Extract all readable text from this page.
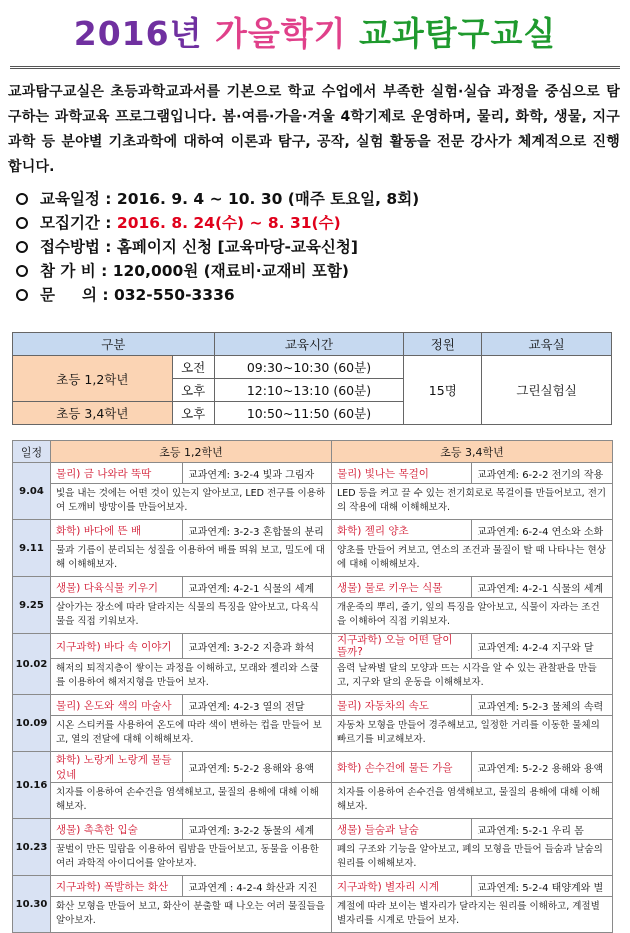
2016년 가을학기 교과탐구교실

교과탐구교실은 초등과학교과서를 기본으로 학교 수업에서 부족한 실험·실습 과정을 중심으로 탐구하는 과학교육 프로그램입니다. 봄·여름·가을·겨울 4학기제로 운영하며, 물리, 화학, 생물, 지구과학 등 분야별 기초과학에 대하여 이론과 탐구, 공작, 실험 활동을 전문 강사가 체계적으로 진행합니다.

교육일정 : 2016. 9. 4 ~ 10. 30 (매주 토요일, 8회)
모집기간 : 2016. 8. 24(수) ~ 8. 31(수)
접수방법 : 홈페이지 신청 [교육마당-교육신청]
참 가 비 : 120,000원 (재료비·교재비 포함)
문     의 : 032-550-3336
구분		교육시간	정원	교육실
초등 1,2학년	오전	09:30~10:30 (60분)	15명	그린실험실
	오후	12:10~13:10 (60분)		
초등 3,4학년	오후	10:50~11:50 (60분)		
일정	초등 1,2학년		초등 3,4학년	
9.04	물리) 금 나와라 뚝딱	교과연계: 3-2-4 빛과 그림자	물리) 빛나는 목걸이	교과연계: 6-2-2 전기의 작용
	빛을 내는 것에는 어떤 것이 있는지 알아보고, LED 전구를 이용하여 도깨비 방망이를 만들어보자.		LED 등을 켜고 끌 수 있는 전기회로로 목걸이를 만들어보고, 전기의 작용에 대해 이해해보자.	
9.11	화학) 바다에 뜬 배	교과연계: 3-2-3 혼합물의 분리	화학) 젤리 양초	교과연계: 6-2-4 연소와 소화
	물과 기름이 분리되는 성질을 이용하여 배를 띄워 보고, 밀도에 대해 이해해보자.		양초를 만들어 켜보고, 연소의 조건과 물질이 탈 때 나타나는 현상에 대해 이해해보자.	
9.25	생물) 다육식물 키우기	교과연계: 4-2-1 식물의 세계	생물) 물로 키우는 식물	교과연계: 4-2-1 식물의 세계
	살아가는 장소에 따라 달라지는 식물의 특징을 알아보고, 다육식물을 직접 키워보자.		개운죽의 뿌리, 줄기, 잎의 특징을 알아보고, 식물이 자라는 조건을 이해하여 직접 키워보자.	
10.02	지구과학) 바다 속 이야기	교과연계: 3-2-2 지층과 화석	지구과학) 오늘 어떤 달이 뜰까?	교과연계: 4-2-4 지구와 달
	해저의 퇴적지층이 쌓이는 과정을 이해하고, 모래와 젤리와 스쿨를 이용하여 해저지형을 만들어 보자.		음력 날짜별 달의 모양과 뜨는 시각을 알 수 있는 관찰판을 만들고, 지구와 달의 운동을 이해해보자.	
10.09	물리) 온도와 색의 마술사	교과연계: 4-2-3 열의 전달	물리) 자동차의 속도	교과연계: 5-2-3 물체의 속력
	시온 스티커를 사용하여 온도에 따라 색이 변하는 컵을 만들어 보고, 열의 전달에 대해 이해해보자.		자동차 모형을 만들어 경주해보고, 일정한 거리를 이동한 물체의 빠르기를 비교해보자.	
10.16	화학) 노랑게 노랑게 물들었네	교과연계: 5-2-2 용해와 용액	화학) 손수건에 물든 가을	교과연계: 5-2-2 용해와 용액
	치자를 이용하여 손수건을 염색해보고, 물질의 용해에 대해 이해해보자.		치자를 이용하여 손수건을 염색해보고, 물질의 용해에 대해 이해해보자.	
10.23	생물) 촉촉한 입술	교과연계: 3-2-2 동물의 세계	생물) 들숨과 날숨	교과연계: 5-2-1 우리 몸
	꿀벌이 만든 밀랍을 이용하여 립밤을 만들어보고, 동물을 이용한 여러 과학적 아이디어를 알아보자.		폐의 구조와 기능을 알아보고, 폐의 모형을 만들어 들숨과 날숨의 원리를 이해해보자.	
10.30	지구과학) 폭발하는 화산	교과연계 : 4-2-4 화산과 지진	지구과학) 별자리 시계	교과연계: 5-2-4 태양계와 별
	화산 모형을 만들어 보고, 화산이 분출할 때 나오는 여러 물질들을 알아보자.		계절에 따라 보이는 별자리가 달라지는 원리를 이해하고, 계절별 별자리를 시계로 만들어 보자.	
